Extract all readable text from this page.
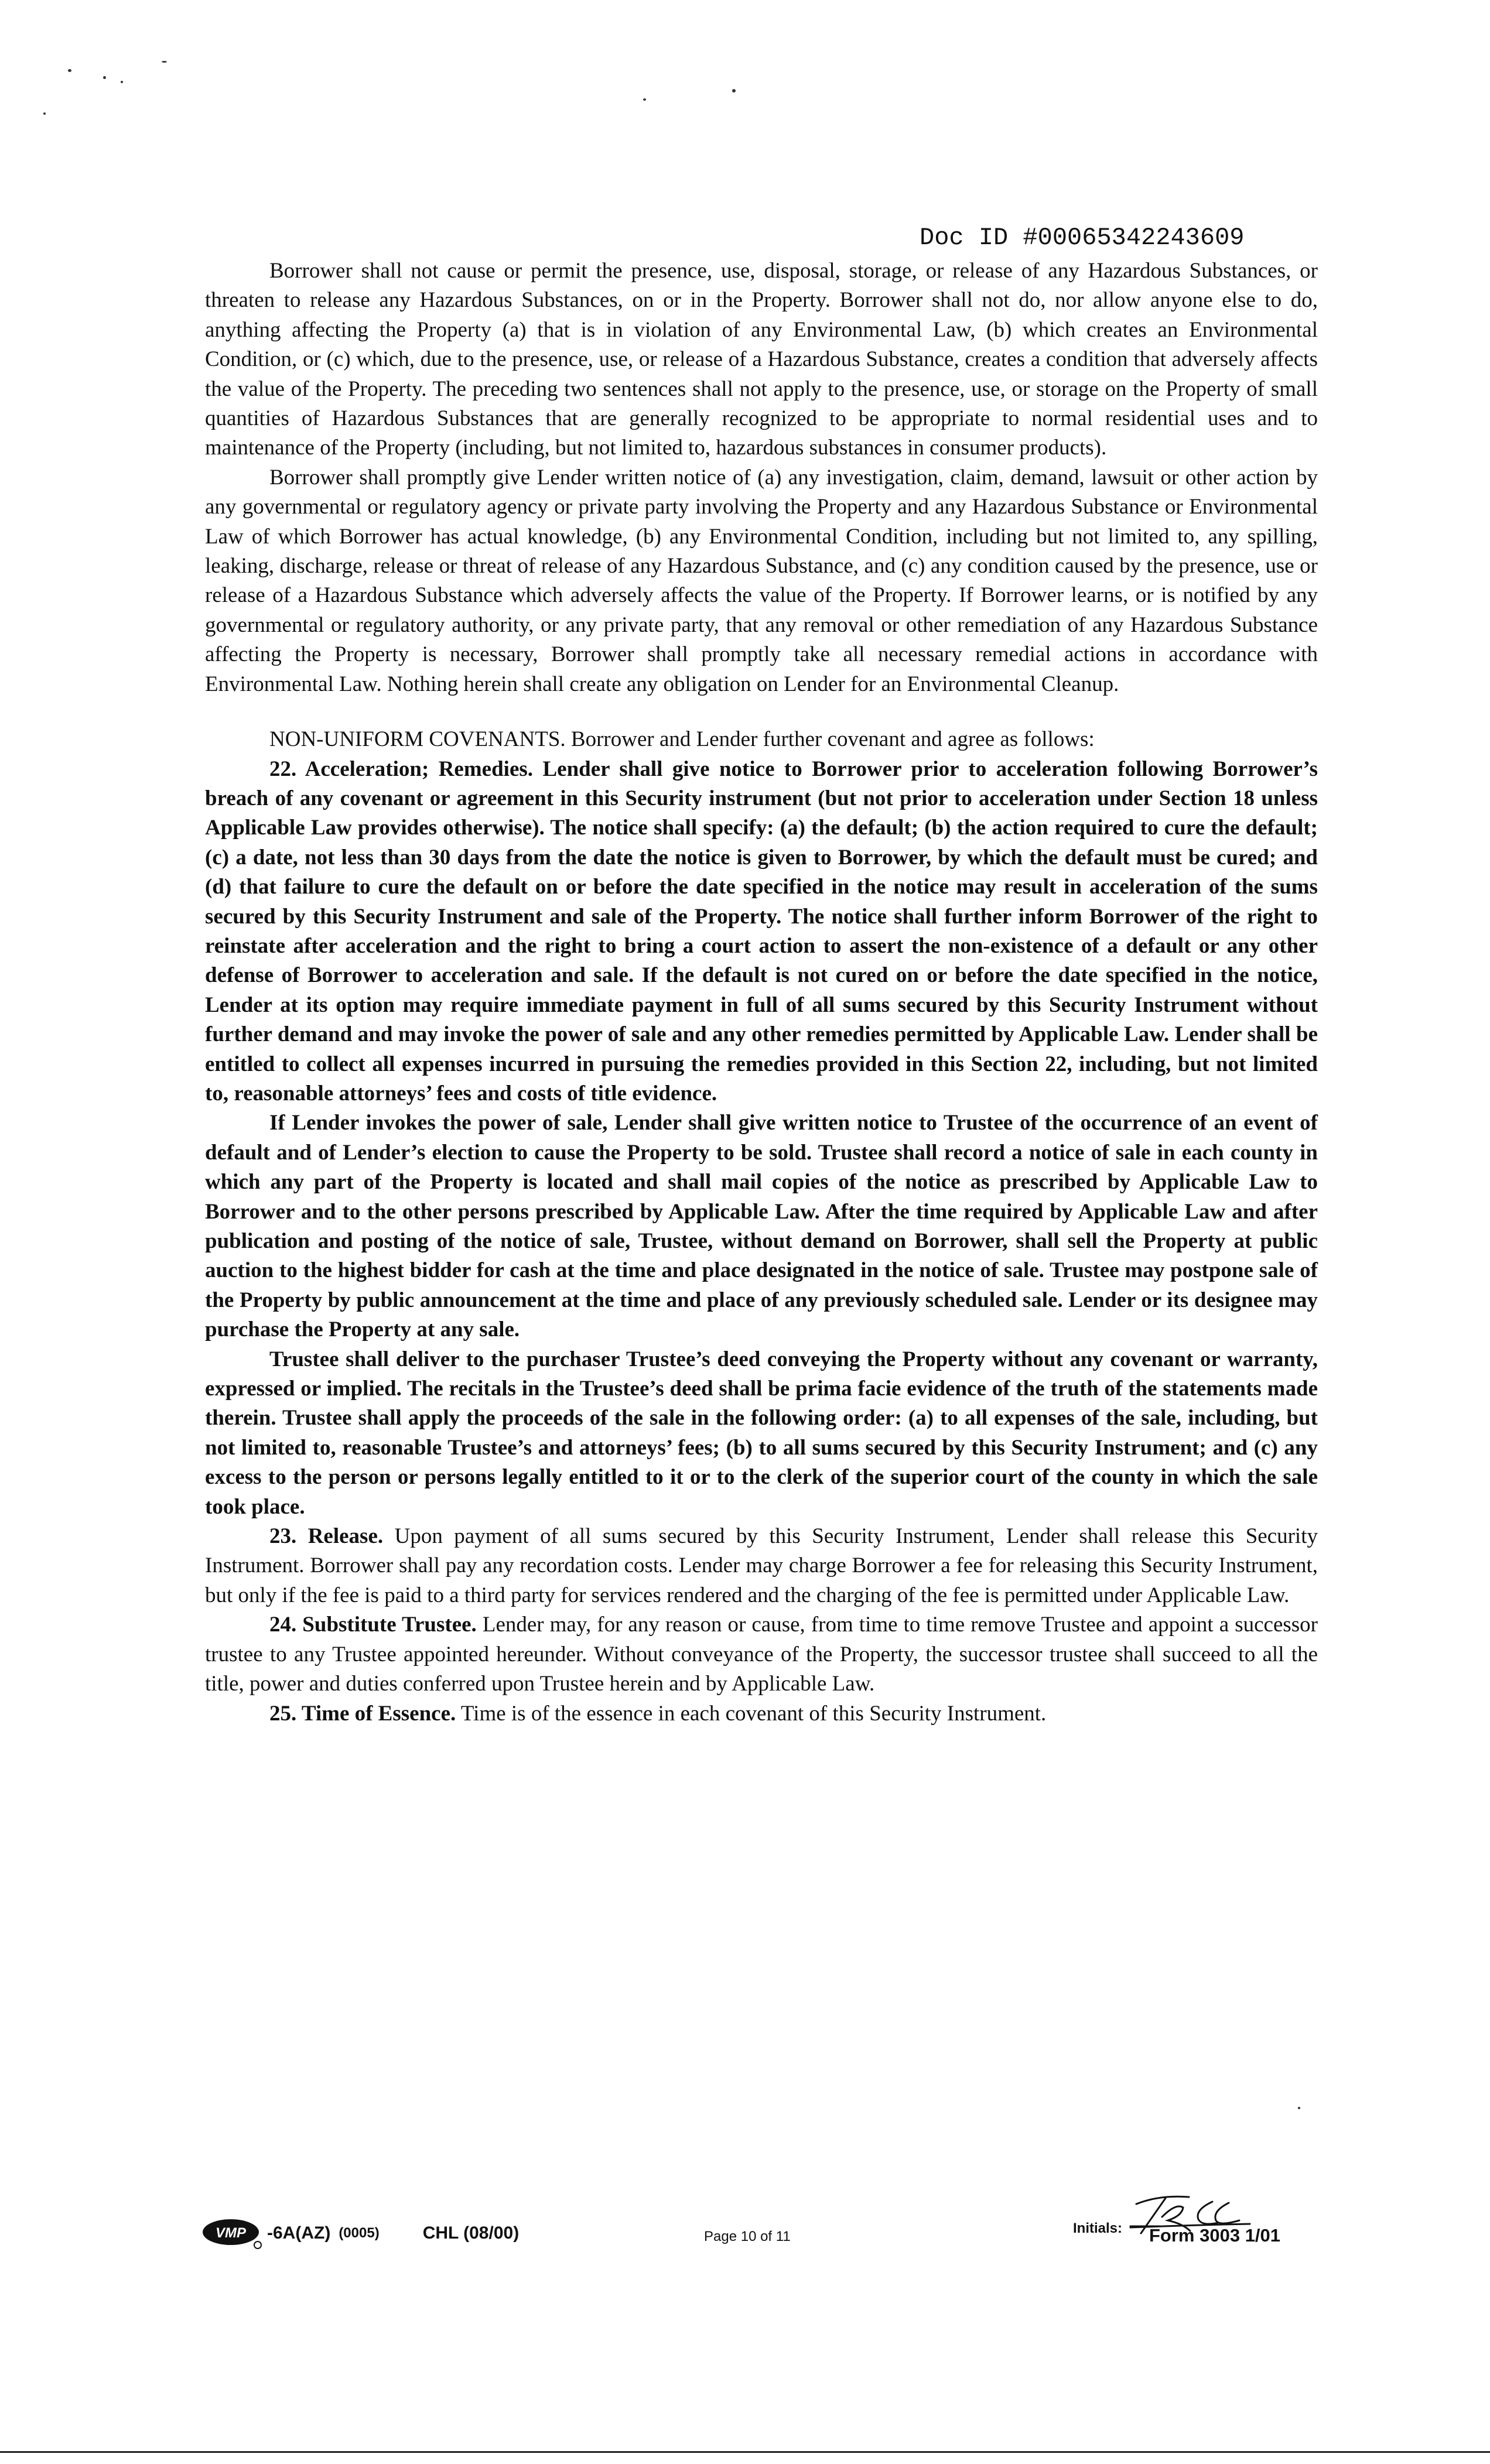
Doc ID #00065342243609

Borrower shall not cause or permit the presence, use, disposal, storage, or release of any Hazardous Substances, or threaten to release any Hazardous Substances, on or in the Property. Borrower shall not do, nor allow anyone else to do, anything affecting the Property (a) that is in violation of any Environmental Law, (b) which creates an Environmental Condition, or (c) which, due to the presence, use, or release of a Hazardous Substance, creates a condition that adversely affects the value of the Property. The preceding two sentences shall not apply to the presence, use, or storage on the Property of small quantities of Hazardous Substances that are generally recognized to be appropriate to normal residential uses and to maintenance of the Property (including, but not limited to, hazardous substances in consumer products).

Borrower shall promptly give Lender written notice of (a) any investigation, claim, demand, lawsuit or other action by any governmental or regulatory agency or private party involving the Property and any Hazardous Substance or Environmental Law of which Borrower has actual knowledge, (b) any Environmental Condition, including but not limited to, any spilling, leaking, discharge, release or threat of release of any Hazardous Substance, and (c) any condition caused by the presence, use or release of a Hazardous Substance which adversely affects the value of the Property. If Borrower learns, or is notified by any governmental or regulatory authority, or any private party, that any removal or other remediation of any Hazardous Substance affecting the Property is necessary, Borrower shall promptly take all necessary remedial actions in accordance with Environmental Law. Nothing herein shall create any obligation on Lender for an Environmental Cleanup.

NON-UNIFORM COVENANTS. Borrower and Lender further covenant and agree as follows:

22. Acceleration; Remedies. Lender shall give notice to Borrower prior to acceleration following Borrower’s breach of any covenant or agreement in this Security instrument (but not prior to acceleration under Section 18 unless Applicable Law provides otherwise). The notice shall specify: (a) the default; (b) the action required to cure the default; (c) a date, not less than 30 days from the date the notice is given to Borrower, by which the default must be cured; and (d) that failure to cure the default on or before the date specified in the notice may result in acceleration of the sums secured by this Security Instrument and sale of the Property. The notice shall further inform Borrower of the right to reinstate after acceleration and the right to bring a court action to assert the non-existence of a default or any other defense of Borrower to acceleration and sale. If the default is not cured on or before the date specified in the notice, Lender at its option may require immediate payment in full of all sums secured by this Security Instrument without further demand and may invoke the power of sale and any other remedies permitted by Applicable Law. Lender shall be entitled to collect all expenses incurred in pursuing the remedies provided in this Section 22, including, but not limited to, reasonable attorneys’ fees and costs of title evidence.

If Lender invokes the power of sale, Lender shall give written notice to Trustee of the occurrence of an event of default and of Lender’s election to cause the Property to be sold. Trustee shall record a notice of sale in each county in which any part of the Property is located and shall mail copies of the notice as prescribed by Applicable Law to Borrower and to the other persons prescribed by Applicable Law. After the time required by Applicable Law and after publication and posting of the notice of sale, Trustee, without demand on Borrower, shall sell the Property at public auction to the highest bidder for cash at the time and place designated in the notice of sale. Trustee may postpone sale of the Property by public announcement at the time and place of any previously scheduled sale. Lender or its designee may purchase the Property at any sale.

Trustee shall deliver to the purchaser Trustee’s deed conveying the Property without any covenant or warranty, expressed or implied. The recitals in the Trustee’s deed shall be prima facie evidence of the truth of the statements made therein. Trustee shall apply the proceeds of the sale in the following order: (a) to all expenses of the sale, including, but not limited to, reasonable Trustee’s and attorneys’ fees; (b) to all sums secured by this Security Instrument; and (c) any excess to the person or persons legally entitled to it or to the clerk of the superior court of the county in which the sale took place.

23. Release. Upon payment of all sums secured by this Security Instrument, Lender shall release this Security Instrument. Borrower shall pay any recordation costs. Lender may charge Borrower a fee for releasing this Security Instrument, but only if the fee is paid to a third party for services rendered and the charging of the fee is permitted under Applicable Law.

24. Substitute Trustee. Lender may, for any reason or cause, from time to time remove Trustee and appoint a successor trustee to any Trustee appointed hereunder. Without conveyance of the Property, the successor trustee shall succeed to all the title, power and duties conferred upon Trustee herein and by Applicable Law.

25. Time of Essence. Time is of the essence in each covenant of this Security Instrument.

VMP -6A(AZ) (0005) CHL (08/00)	Page 10 of 11
Initials: Form 3003 1/01
